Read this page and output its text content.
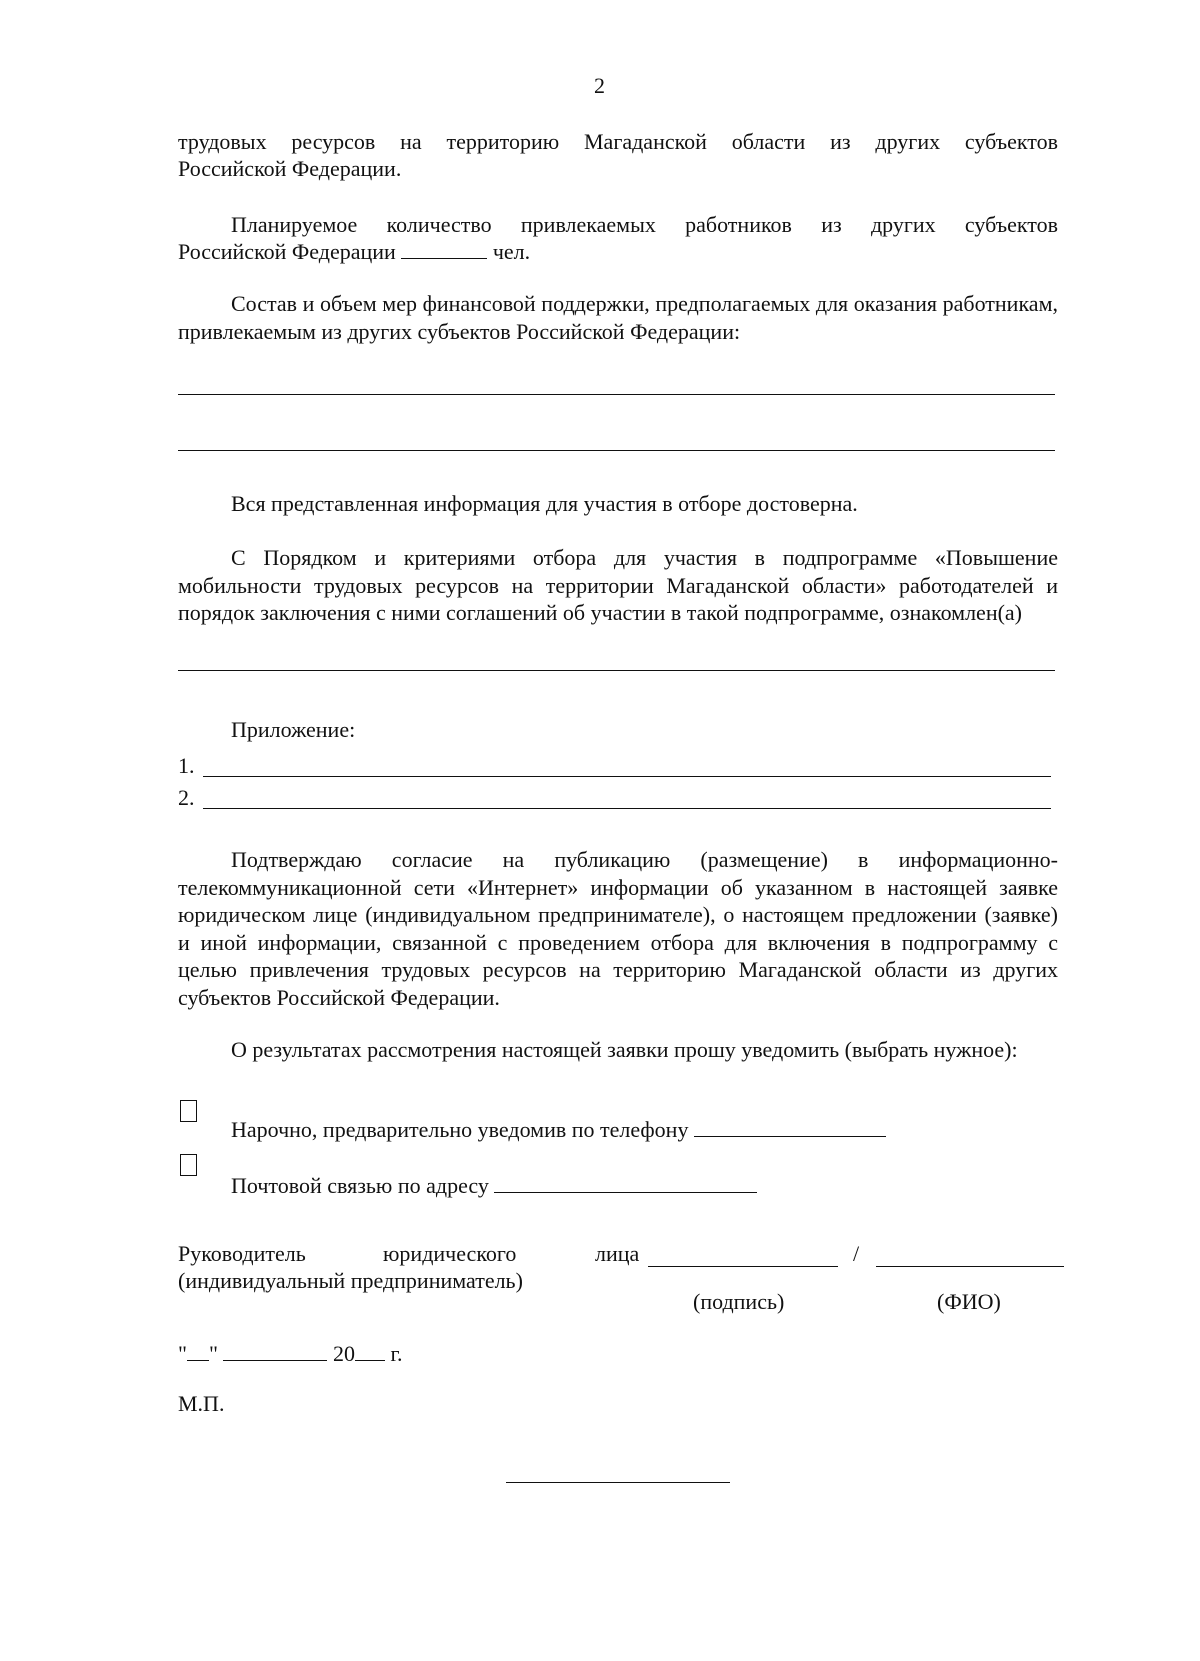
2
трудовых ресурсов на территорию Магаданской области из других субъектов
Российской Федерации.
Планируемое количество привлекаемых работников из других субъектов
Российской Федерации	чел.
Состав и объем мер финансовой поддержки, предполагаемых для оказания работникам, привлекаемым из других субъектов Российской Федерации:
Вся представленная информация для участия в отборе достоверна.
С Порядком и критериями отбора для участия в подпрограмме «Повышение мобильности трудовых ресурсов на территории Магаданской области» работодателей и порядок заключения с ними соглашений об участии в такой подпрограмме, ознакомлен(а)
Приложение:
1.
2.
Подтверждаю согласие на публикацию (размещение) в информационно-телекоммуникационной сети «Интернет» информации об указанном в настоящей заявке юридическом лице (индивидуальном предпринимателе), о настоящем предложении (заявке) и иной информации, связанной с проведением отбора для включения в подпрограмму с целью привлечения трудовых ресурсов на территорию Магаданской области из других субъектов Российской Федерации.
О результатах рассмотрения настоящей заявки прошу уведомить (выбрать нужное):
Нарочно, предварительно уведомив по телефону
Почтовой связью по адресу
Руководитель	юридического	лица
(индивидуальный предприниматель)
/
(подпись)	(ФИО)
" "	20 г.
М.П.
